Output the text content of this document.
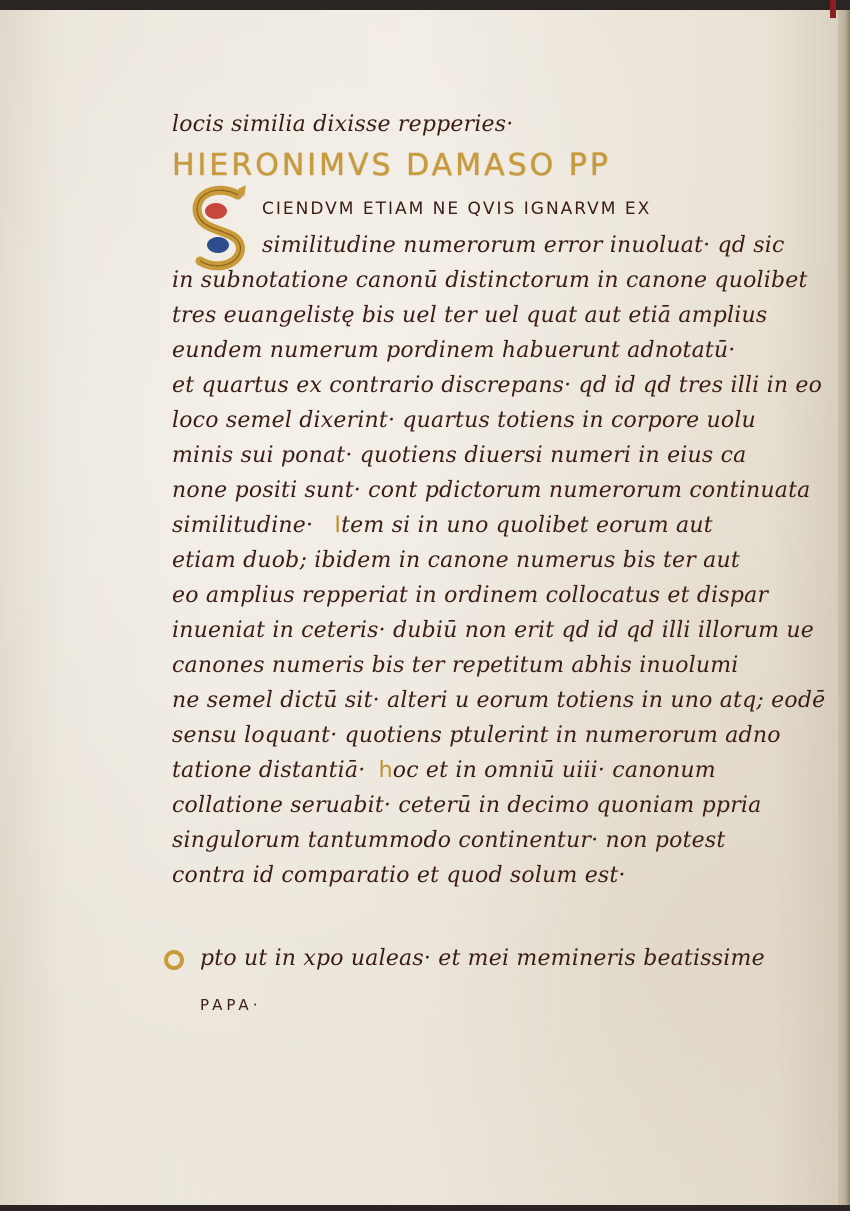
locis similia dixisse repperies·
HIERONIMVS DAMASO PP
CIENDVM ETIAM NE QVIS IGNARVM EX
similitudine numerorum error inuoluat· qd sic
in subnotatione canonū distinctorum in canone quolibet
tres euangelistę bis uel ter uel quat aut etiā amplius
eundem numerum pordinem habuerunt adnotatū·
et quartus ex contrario discrepans· qd id qd tres illi in eo
loco semel dixerint· quartus totiens in corpore uolu
minis sui ponat· quotiens diuersi numeri in eius ca
none positi sunt· cont pdictorum numerorum continuata
similitudine· Item si in uno quolibet eorum aut
etiam duob; ibidem in canone numerus bis ter aut
eo amplius repperiat in ordinem collocatus et dispar
inueniat in ceteris· dubiū non erit qd id qd illi illorum ue
canones numeris bis ter repetitum abhis inuolumi
ne semel dictū sit· alteri u eorum totiens in uno atq; eodē
sensu loquant· quotiens ptulerint in numerorum adno
tatione distantiā· hoc et in omniū uiii· canonum
collatione seruabit· ceterū in decimo quoniam ppria
singulorum tantummodo continentur· non potest
contra id comparatio et quod solum est·
pto ut in xpo ualeas· et mei memineris beatissime
PAPA·
